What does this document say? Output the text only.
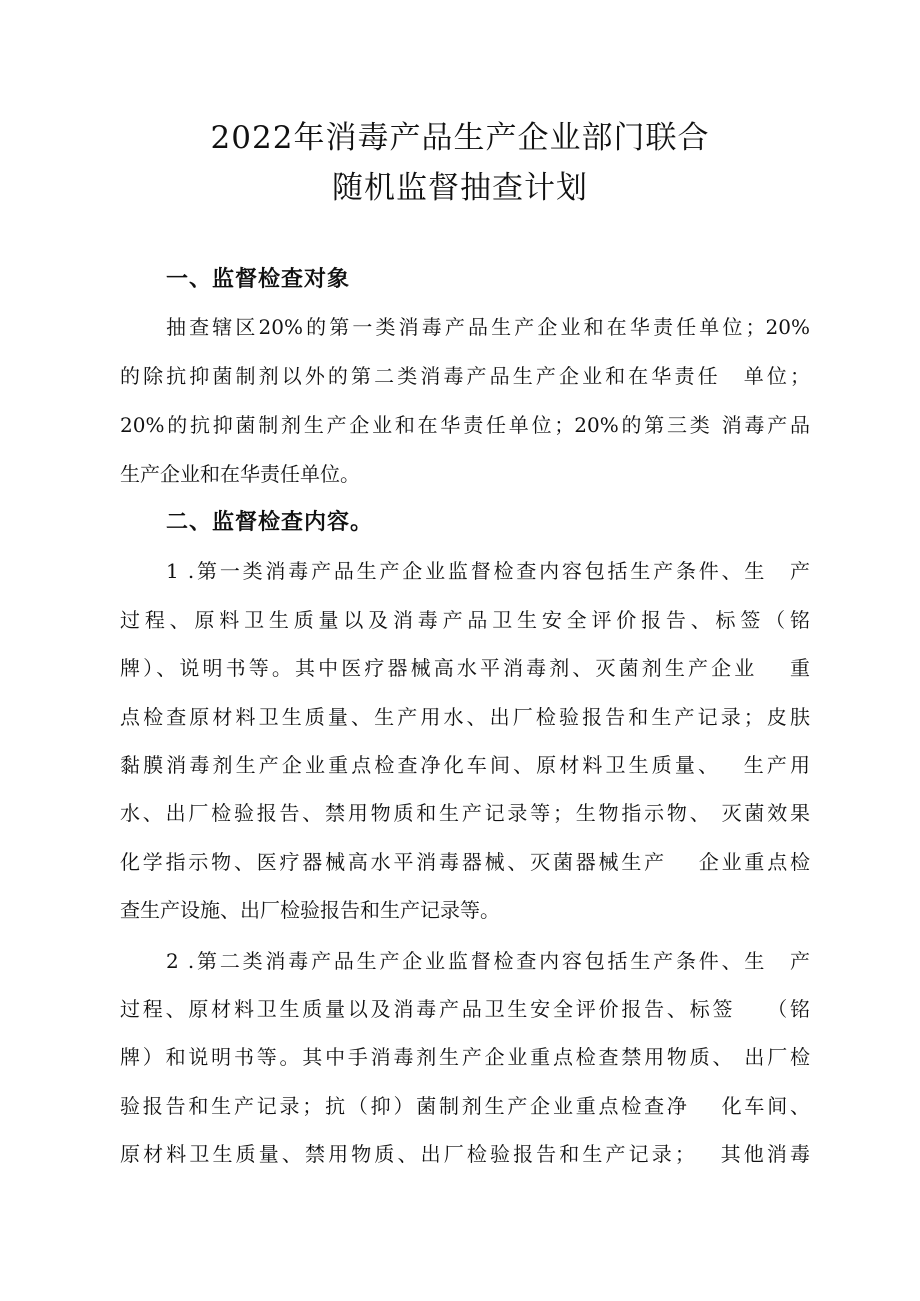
2022年消毒产品生产企业部门联合
随机监督抽查计划
一、监督检查对象
抽查辖区20%的第一类消毒产品生产企业和在华责任单位；20%
的除抗抑菌制剂以外的第二类消毒产品生产企业和在华责任　单位；
20%的抗抑菌制剂生产企业和在华责任单位；20%的第三类 消毒产品
生产企业和在华责任单位。
二、监督检查内容。
1 .第一类消毒产品生产企业监督检查内容包括生产条件、生　产
过程、原料卫生质量以及消毒产品卫生安全评价报告、标签（铭
牌）、说明书等。其中医疗器械高水平消毒剂、灭菌剂生产企业　 重
点检查原材料卫生质量、生产用水、出厂检验报告和生产记录；皮肤
黏膜消毒剂生产企业重点检查净化车间、原材料卫生质量、　 生产用
水、出厂检验报告、禁用物质和生产记录等；生物指示物、 灭菌效果
化学指示物、医疗器械高水平消毒器械、灭菌器械生产　 企业重点检
查生产设施、出厂检验报告和生产记录等。
2 .第二类消毒产品生产企业监督检查内容包括生产条件、生　产
过程、原材料卫生质量以及消毒产品卫生安全评价报告、标签　 （铭
牌）和说明书等。其中手消毒剂生产企业重点检查禁用物质、 出厂检
验报告和生产记录；抗（抑）菌制剂生产企业重点检查净　 化车间、
原材料卫生质量、禁用物质、出厂检验报告和生产记录；　 其他消毒
